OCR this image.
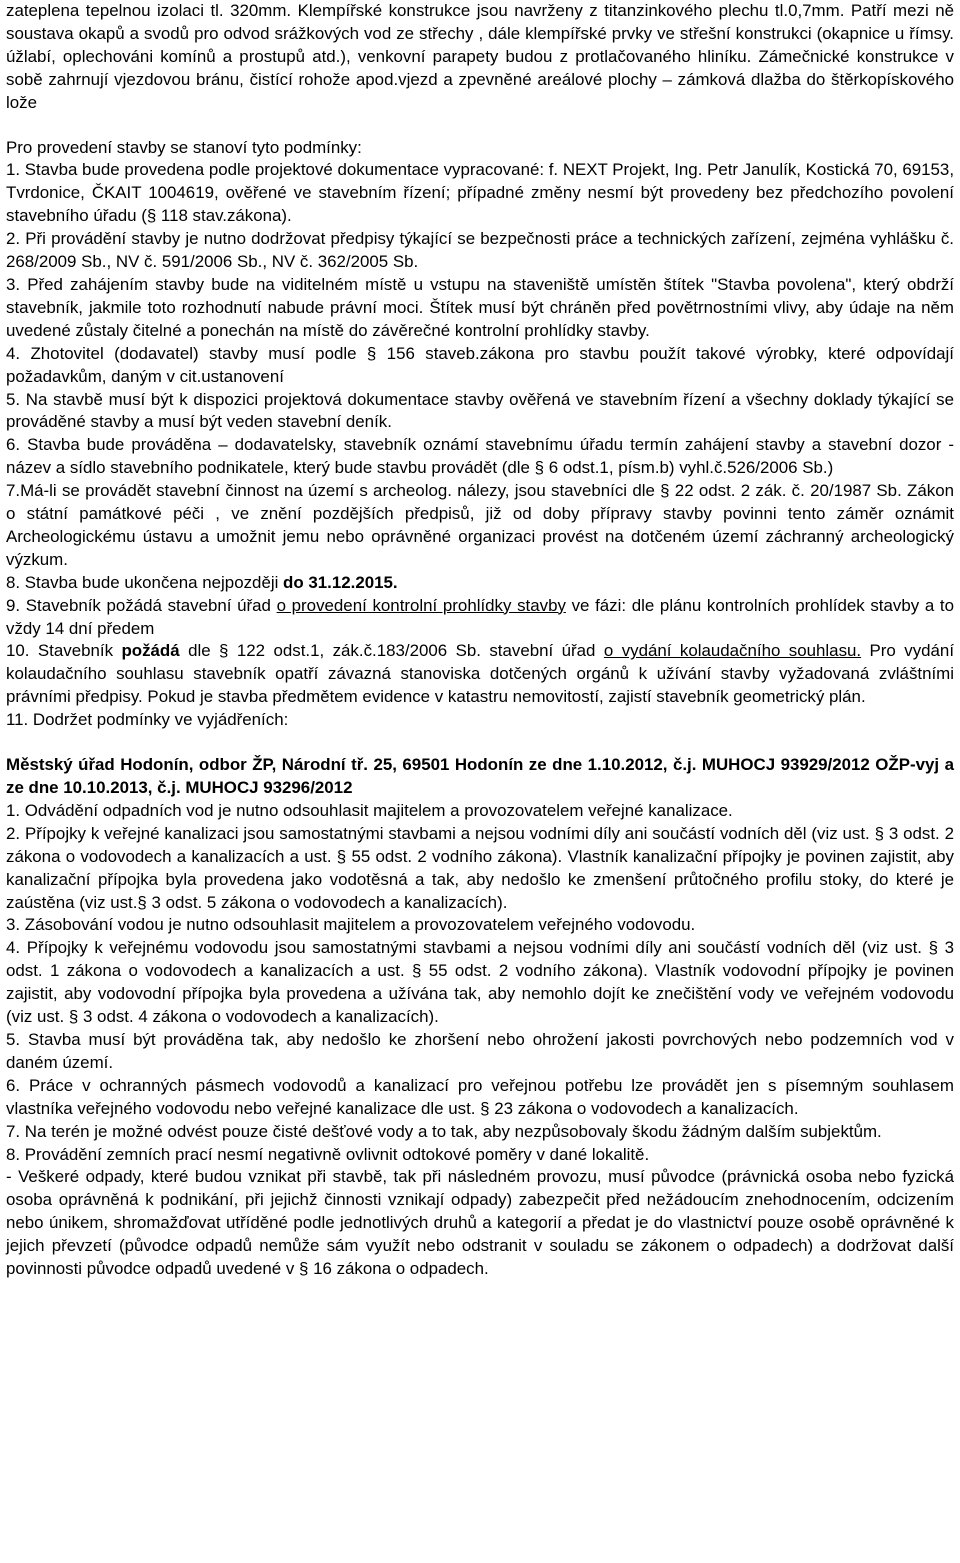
zateplena tepelnou izolaci tl. 320mm. Klempířské konstrukce jsou navrženy z titanzinkového plechu tl.0,7mm. Patří mezi ně soustava okapů a svodů pro odvod srážkových vod ze střechy , dále klempířské prvky ve střešní konstrukci (okapnice u římsy. úžlabí, oplechováni komínů a prostupů atd.), venkovní parapety budou z protlačovaného hliníku. Zámečnické konstrukce v sobě zahrnují vjezdovou bránu, čistící rohože apod.vjezd a zpevněné areálové plochy – zámková dlažba do štěrkopískového lože

Pro provedení stavby se stanoví tyto podmínky:

1. Stavba bude provedena podle projektové dokumentace vypracované: f. NEXT Projekt, Ing. Petr Janulík, Kostická 70, 69153, Tvrdonice, ČKAIT 1004619, ověřené ve stavebním řízení; případné změny nesmí být provedeny bez předchozího povolení stavebního úřadu (§ 118 stav.zákona).

2. Při provádění stavby je nutno dodržovat předpisy týkající se bezpečnosti práce a technických zařízení, zejména vyhlášku č. 268/2009 Sb., NV č. 591/2006 Sb., NV č. 362/2005 Sb.

3. Před zahájením stavby bude na viditelném místě u vstupu na staveniště umístěn štítek "Stavba povolena", který obdrží stavebník, jakmile toto rozhodnutí nabude právní moci. Štítek musí být chráněn před povětrnostními vlivy, aby údaje na něm uvedené zůstaly čitelné a ponechán na místě do závěrečné kontrolní prohlídky stavby.

4. Zhotovitel (dodavatel) stavby musí podle § 156 staveb.zákona pro stavbu použít takové výrobky, které odpovídají požadavkům, daným v cit.ustanovení

5. Na stavbě musí být k dispozici projektová dokumentace stavby ověřená ve stavebním řízení a všechny doklady týkající se prováděné stavby a musí být veden stavební deník.

6. Stavba bude prováděna – dodavatelsky, stavebník oznámí stavebnímu úřadu termín zahájení stavby a stavební dozor - název a sídlo stavebního podnikatele, který bude stavbu provádět (dle § 6 odst.1, písm.b) vyhl.č.526/2006 Sb.)

7.Má-li se provádět stavební činnost na území s archeolog. nálezy, jsou stavebníci dle § 22 odst. 2 zák. č. 20/1987 Sb. Zákon o státní památkové péči , ve znění pozdějších předpisů, již od doby přípravy stavby povinni tento záměr oznámit Archeologickému ústavu a umožnit jemu nebo oprávněné organizaci provést na dotčeném území záchranný archeologický výzkum.

8. Stavba bude ukončena nejpozději do 31.12.2015.

9. Stavebník požádá stavební úřad o provedení kontrolní prohlídky stavby ve fázi: dle plánu kontrolních prohlídek stavby a to vždy 14 dní předem

10. Stavebník požádá dle § 122 odst.1, zák.č.183/2006 Sb. stavební úřad o vydání kolaudačního souhlasu. Pro vydání kolaudačního souhlasu stavebník opatří závazná stanoviska dotčených orgánů k užívání stavby vyžadovaná zvláštními právními předpisy. Pokud je stavba předmětem evidence v katastru nemovitostí, zajistí stavebník geometrický plán.

11. Dodržet podmínky ve vyjádřeních:

Městský úřad Hodonín, odbor ŽP, Národní tř. 25, 69501 Hodonín ze dne 1.10.2012, č.j. MUHOCJ 93929/2012 OŽP-vyj a ze dne 10.10.2013, č.j. MUHOCJ 93296/2012

1. Odvádění odpadních vod je nutno odsouhlasit majitelem a provozovatelem veřejné kanalizace.

2. Přípojky k veřejné kanalizaci jsou samostatnými stavbami a nejsou vodními díly ani součástí vodních děl (viz ust. § 3 odst. 2 zákona o vodovodech a kanalizacích a ust. § 55 odst. 2 vodního zákona). Vlastník kanalizační přípojky je povinen zajistit, aby kanalizační přípojka byla provedena jako vodotěsná a tak, aby nedošlo ke zmenšení průtočného profilu stoky, do které je zaústěna (viz ust.§ 3 odst. 5 zákona o vodovodech a kanalizacích).

3. Zásobování vodou je nutno odsouhlasit majitelem a provozovatelem veřejného vodovodu.

4. Přípojky k veřejnému vodovodu jsou samostatnými stavbami a nejsou vodními díly ani součástí vodních děl (viz ust. § 3 odst. 1 zákona o vodovodech a kanalizacích a ust. § 55 odst. 2 vodního zákona). Vlastník vodovodní přípojky je povinen zajistit, aby vodovodní přípojka byla provedena a užívána tak, aby nemohlo dojít ke znečištění vody ve veřejném vodovodu (viz ust. § 3 odst. 4 zákona o vodovodech a kanalizacích).

5. Stavba musí být prováděna tak, aby nedošlo ke zhoršení nebo ohrožení jakosti povrchových nebo podzemních vod v daném území.

6. Práce v ochranných pásmech vodovodů a kanalizací pro veřejnou potřebu lze provádět jen s písemným souhlasem vlastníka veřejného vodovodu nebo veřejné kanalizace dle ust. § 23 zákona o vodovodech a kanalizacích.

7. Na terén je možné odvést pouze čisté dešťové vody a to tak, aby nezpůsobovaly škodu žádným dalším subjektům.

8. Provádění zemních prací nesmí negativně ovlivnit odtokové poměry v dané lokalitě.

- Veškeré odpady, které budou vznikat při stavbě, tak při následném provozu, musí původce (právnická osoba nebo fyzická osoba oprávněná k podnikání, při jejichž činnosti vznikají odpady) zabezpečit před nežádoucím znehodnocením, odcizením nebo únikem, shromažďovat utříděné podle jednotlivých druhů a kategorií a předat je do vlastnictví pouze osobě oprávněné k jejich převzetí (původce odpadů nemůže sám využít nebo odstranit v souladu se zákonem o odpadech) a dodržovat další povinnosti původce odpadů uvedené v § 16 zákona o odpadech.
